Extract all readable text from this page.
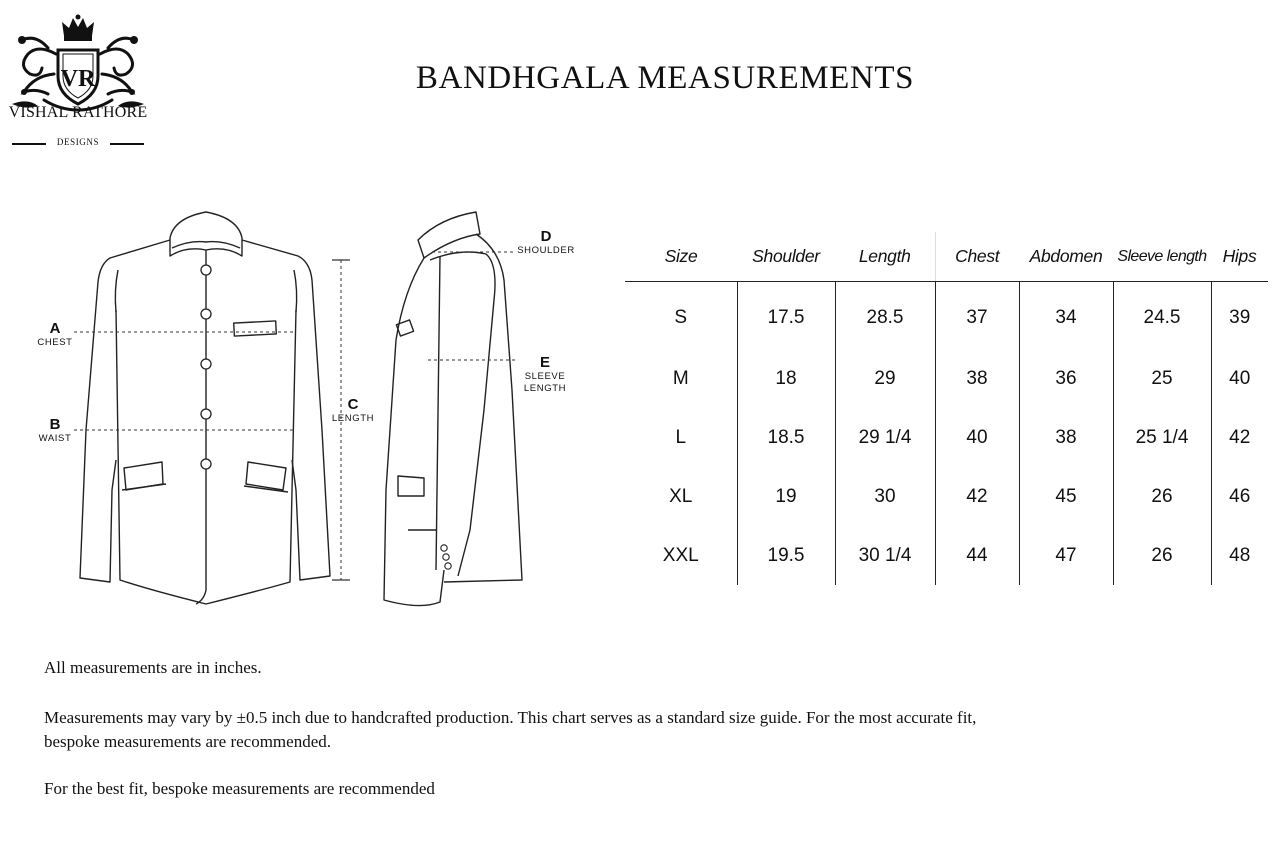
VR
VISHAL RATHORE
DESIGNS
BANDHGALA MEASUREMENTS
A
CHEST
B
WAIST
C
LENGTH
D
SHOULDER
E
SLEEVE
LENGTH
Size	Shoulder	Length	Chest	Abdomen	Sleeve length	Hips
S	17.5	28.5	37	34	24.5	39
M	18	29	38	36	25	40
L	18.5	29 1/4	40	38	25 1/4	42
XL	19	30	42	45	26	46
XXL	19.5	30 1/4	44	47	26	48

All measurements are in inches.

Measurements may vary by ±0.5 inch due to handcrafted production. This chart serves as a standard size guide. For the most accurate fit, bespoke measurements are recommended.

For the best fit, bespoke measurements are recommended
